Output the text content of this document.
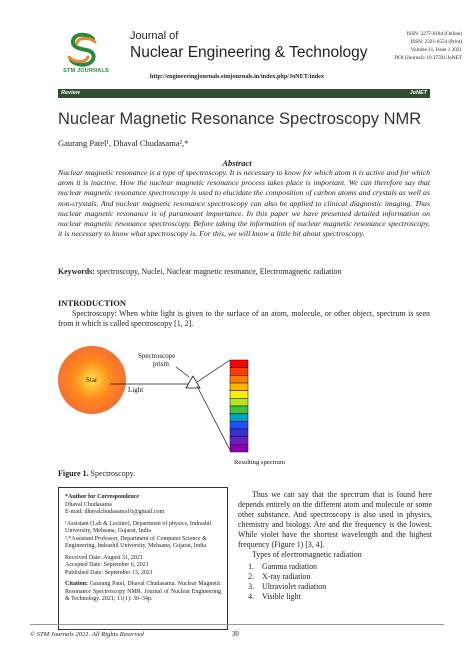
STM JOURNALS
Journal of
Nuclear Engineering & Technology
ISSN: 2277-6184 (Online)
ISSN: 2321-6554 (Print)
Volume 11, Issue 1 2021
DOI (Journal): 10.37591/JoNET
http://engineeringjournals.stmjournals.in/index.php/JoNET/index
Review	JoNET
Nuclear Magnetic Resonance Spectroscopy NMR
Gaurang Patel¹, Dhaval Chudasama²,*
Abstract
Nuclear magnetic resonance is a type of spectroscopy. It is necessary to know for which atom it is active and for which atom it is inactive. How the nuclear magnetic resonance process takes place is important. We can therefore say that nuclear magnetic resonance spectroscopy is used to elucidate the composition of carbon atoms and crystals as well as non-crystals. And nuclear magnetic resonance spectroscopy can also be applied to clinical diagnostic imaging. Thus nuclear magnetic resonance is of paramount importance. In this paper we have presented detailed information on nuclear magnetic resonance spectroscopy. Before taking the information of nuclear magnetic resonance spectroscopy, it is necessary to know what spectroscopy is. For this, we will know a little bit about spectroscopy.
Keywords: spectroscopy, Nuclei, Nuclear magnetic resonance, Electromagnetic radiation
INTRODUCTION
Spectroscopy: When white light is given to the surface of an atom, molecule, or other object, spectrum is seen from it which is called spectroscopy [1, 2].
Star
Light
Spectroscope
prism
Resulting spectrum
Figure 1. Spectroscopy.

*Author for Correspondence

Dhaval Chudasama

E-mail: dhavalchudasama16@gmail.com

¹Assistant (Lab & Lecture), Department of physics, Indrashil University, Mehsana, Gujarat, India

²,*Assistant Professor, Department of Computer Science & Engineering, Indrashil University, Mehsana, Gujarat, India

Received Date: August 31, 2021

Accepted Date: September 6, 2021

Published Date: September 13, 2021

Citation: Gaurang Patel, Dhaval Chudasama. Nuclear Magnetic Resonance Spectroscopy NMR. Journal of Nuclear Engineering & Technology. 2021; 11(1): 30–34p.

Thus we can say that the spectrum that is found here depends entirely on the different atom and molecule or some other substance. And spectroscopy is also used in physics, chemistry and biology. Are and the frequency is the lowest. While violet have the shortest wavelength and the highest frequency (Figure 1) [3, 4].

Types of electromagnetic radiation

1. Gamma radiation
2. X-ray radiation
3. Ultraviolet radiation
4. Visible light
© STM Journals 2021. All Rights Reserved	30
